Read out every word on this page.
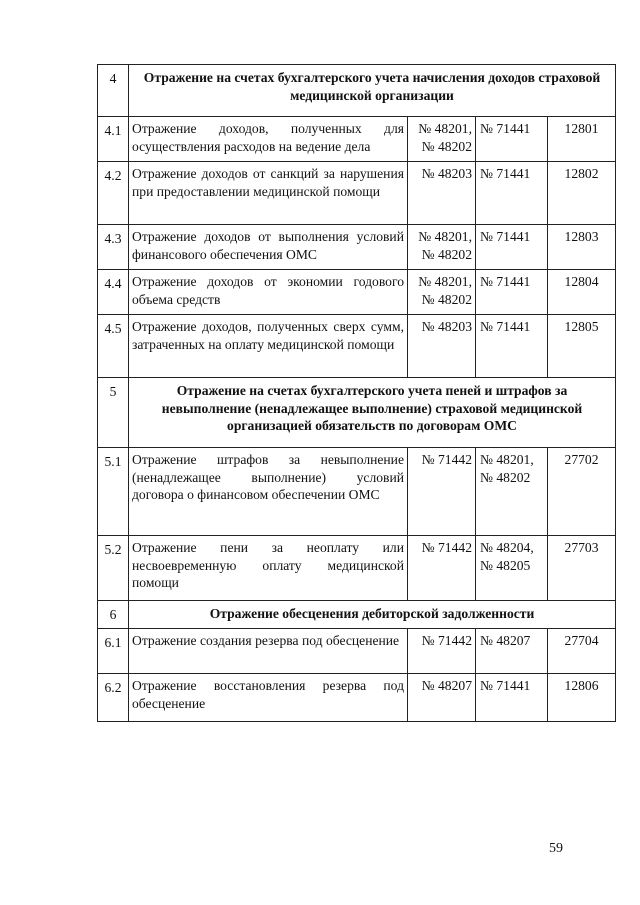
4	Отражение на счетах бухгалтерского учета начисления доходов страховой медицинской организации			
4.1	Отражение доходов, полученных для осуществления расходов на ведение дела	№ 48201,
№ 48202	№ 71441	12801
4.2	Отражение доходов от санкций за нарушения при предоставлении медицинской помощи	№ 48203	№ 71441	12802
4.3	Отражение доходов от выполнения условий финансового обеспечения ОМС	№ 48201,
№ 48202	№ 71441	12803
4.4	Отражение доходов от экономии годового объема средств	№ 48201,
№ 48202	№ 71441	12804
4.5	Отражение доходов, полученных сверх сумм, затраченных на оплату медицинской помощи	№ 48203	№ 71441	12805
5	Отражение на счетах бухгалтерского учета пеней и штрафов за невыполнение (ненадлежащее выполнение) страховой медицинской организацией обязательств по договорам ОМС			
5.1	Отражение штрафов за невыполнение (ненадлежащее выполнение) условий договора о финансовом обеспечении ОМС	№ 71442	№ 48201,
№ 48202	27702
5.2	Отражение пени за неоплату или несвоевременную оплату медицинской помощи	№ 71442	№ 48204,
№ 48205	27703
6	Отражение обесценения дебиторской задолженности			
6.1	Отражение создания резерва под обесценение	№ 71442	№ 48207	27704
6.2	Отражение восстановления резерва под обесценение	№ 48207	№ 71441	12806
59
